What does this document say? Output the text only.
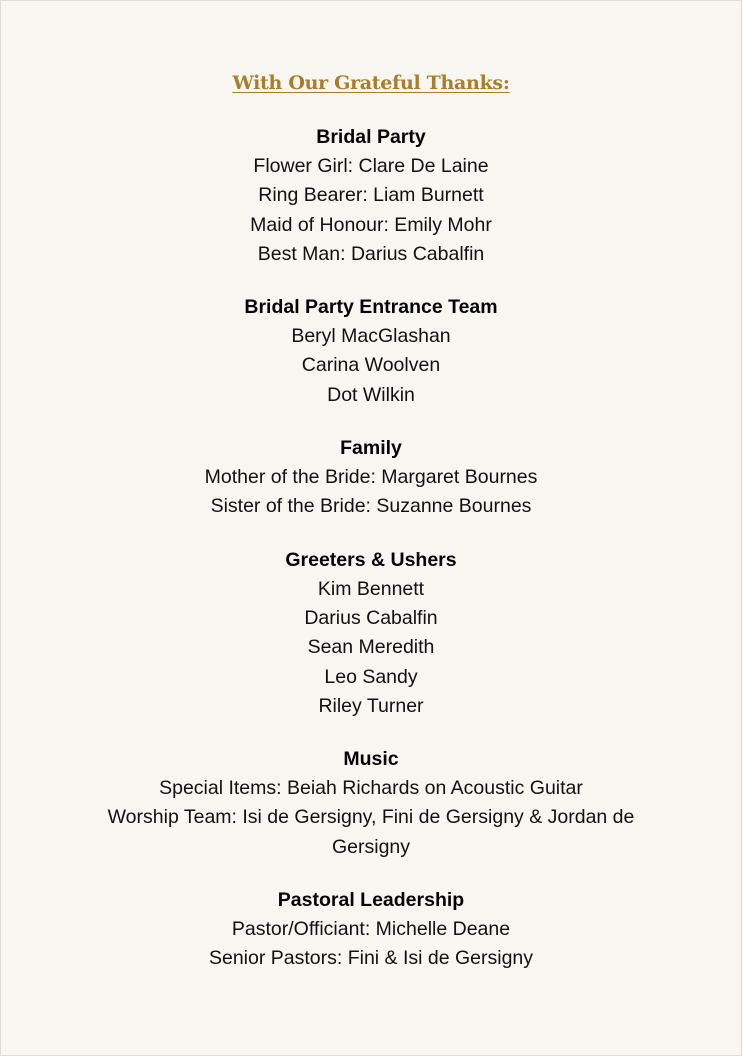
With Our Grateful Thanks:
Bridal Party
Flower Girl: Clare De Laine
Ring Bearer: Liam Burnett
Maid of Honour: Emily Mohr
Best Man: Darius Cabalfin
Bridal Party Entrance Team
Beryl MacGlashan
Carina Woolven
Dot Wilkin
Family
Mother of the Bride: Margaret Bournes
Sister of the Bride: Suzanne Bournes
Greeters & Ushers
Kim Bennett
Darius Cabalfin
Sean Meredith
Leo Sandy
Riley Turner
Music
Special Items: Beiah Richards on Acoustic Guitar
Worship Team: Isi de Gersigny, Fini de Gersigny & Jordan de Gersigny
Pastoral Leadership
Pastor/Officiant: Michelle Deane
Senior Pastors: Fini & Isi de Gersigny
